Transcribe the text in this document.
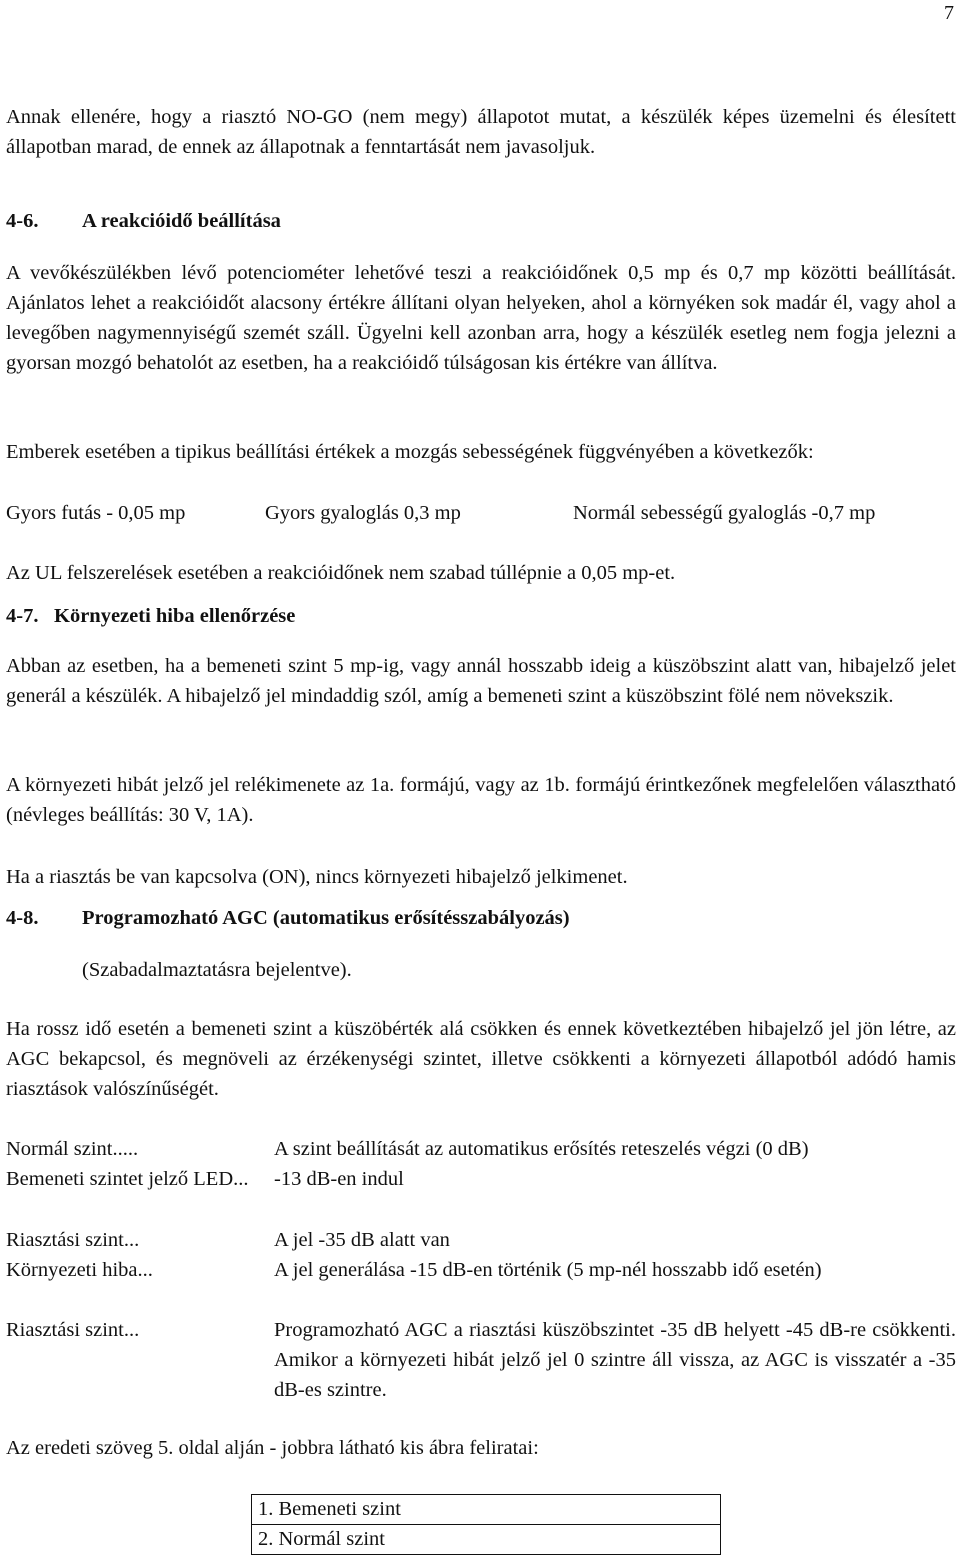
7
Annak ellenére, hogy a riasztó NO-GO (nem megy) állapotot mutat, a készülék képes üzemelni és élesített állapotban marad, de ennek az állapotnak a fenntartását nem javasoljuk.
4-6. A reakcióidő beállítása
A vevőkészülékben lévő potenciométer lehetővé teszi a reakcióidőnek 0,5 mp és 0,7 mp közötti beállítását. Ajánlatos lehet a reakcióidőt alacsony értékre állítani olyan helyeken, ahol a környéken sok madár él, vagy ahol a levegőben nagymennyiségű szemét száll. Ügyelni kell azonban arra, hogy a készülék esetleg nem fogja jelezni a gyorsan mozgó behatolót az esetben, ha a reakcióidő túlságosan kis értékre van állítva.
Emberek esetében a tipikus beállítási értékek a mozgás sebességének függvényében a következők:
Gyors futás - 0,05 mp	Gyors gyaloglás 0,3 mp	Normál sebességű gyaloglás -0,7 mp
Az UL felszerelések esetében a reakcióidőnek nem szabad túllépnie a 0,05 mp-et.
4-7. Környezeti hiba ellenőrzése
Abban az esetben, ha a bemeneti szint 5 mp-ig, vagy annál hosszabb ideig a küszöbszint alatt van, hibajelző jelet generál a készülék. A hibajelző jel mindaddig szól, amíg a bemeneti szint a küszöbszint fölé nem növekszik.
A környezeti hibát jelző jel relékimenete az 1a. formájú, vagy az 1b. formájú érintkezőnek megfelelően választható (névleges beállítás: 30 V, 1A).
Ha a riasztás be van kapcsolva (ON), nincs környezeti hibajelző jelkimenet.
4-8. Programozható AGC (automatikus erősítésszabályozás)
(Szabadalmaztatásra bejelentve).
Ha rossz idő esetén a bemeneti szint a küszöbérték alá csökken és ennek következtében hibajelző jel jön létre, az AGC bekapcsol, és megnöveli az érzékenységi szintet, illetve csökkenti a környezeti állapotból adódó hamis riasztások valószínűségét.
Normál szint.....	A szint beállítását az automatikus erősítés reteszelés végzi (0 dB)
Bemeneti szintet jelző LED...	-13 dB-en indul
Riasztási szint...	A jel -35 dB alatt van
Környezeti hiba...	A jel generálása -15 dB-en történik (5 mp-nél hosszabb idő esetén)
Riasztási szint...	Programozható AGC a riasztási küszöbszintet -35 dB helyett -45 dB-re csökkenti. Amikor a környezeti hibát jelző jel 0 szintre áll vissza, az AGC is visszatér a -35 dB-es szintre.
Az eredeti szöveg 5. oldal alján - jobbra látható kis ábra feliratai:
1. Bemeneti szint
2. Normál szint
